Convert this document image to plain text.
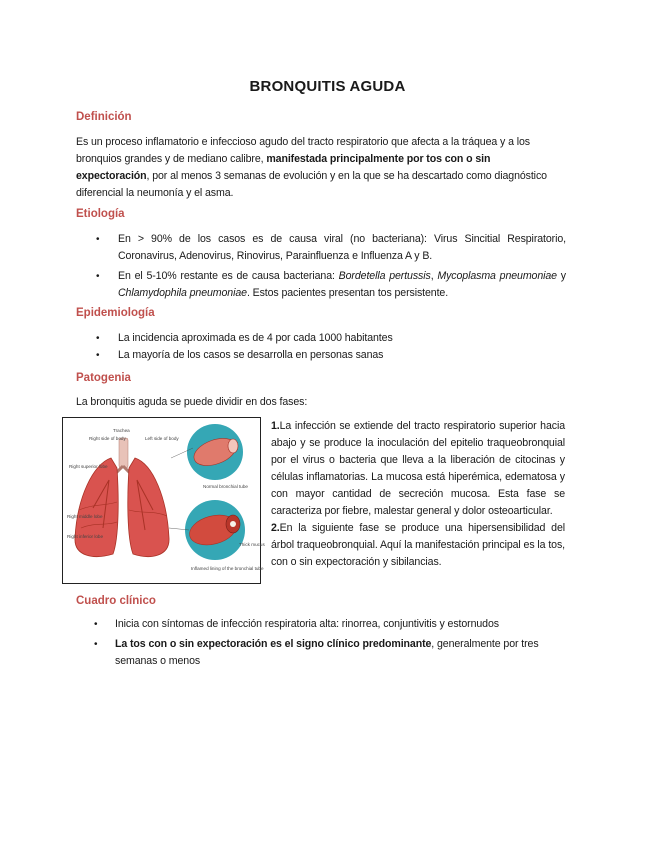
BRONQUITIS AGUDA
Definición

Es un proceso inflamatorio e infeccioso agudo del tracto respiratorio que afecta a la tráquea y a los bronquios grandes y de mediano calibre, manifestada principalmente por tos con o sin expectoración, por al menos 3 semanas de evolución y en la que se ha descartado como diagnóstico diferencial la neumonía y el asma.

Etiología
• En > 90% de los casos es de causa viral (no bacteriana): Virus Sincitial Respiratorio, Coronavirus, Adenovirus, Rinovirus, Parainfluenza e Influenza A y B.
• En el 5-10% restante es de causa bacteriana: Bordetella pertussis, Mycoplasma pneumoniae y Chlamydophila pneumoniae. Estos pacientes presentan tos persistente.
Epidemiología
• La incidencia aproximada es de 4 por cada 1000 habitantes
• La mayoría de los casos se desarrolla en personas sanas
Patogenia

La bronquitis aguda se puede dividir en dos fases:

Trachea
Right side of body	Left side of body
Right superior lobe
Right middle lobe
Right inferior lobe
Normal bronchial tube
Thick mucus
Inflamed lining of the bronchial tube

1.La infección se extiende del tracto respiratorio superior hacia abajo y se produce la inoculación del epitelio traqueobronquial por el virus o bacteria que lleva a la liberación de citocinas y células inflamatorias. La mucosa está hiperémica, edematosa y con mayor cantidad de secreción mucosa. Esta fase se caracteriza por fiebre, malestar general y dolor osteoarticular.

2.En la siguiente fase se produce una hipersensibilidad del árbol traqueobronquial. Aquí la manifestación principal es la tos, con o sin expectoración y sibilancias.

Cuadro clínico
• Inicia con síntomas de infección respiratoria alta: rinorrea, conjuntivitis y estornudos
• La tos con o sin expectoración es el signo clínico predominante, generalmente por tres semanas o menos
